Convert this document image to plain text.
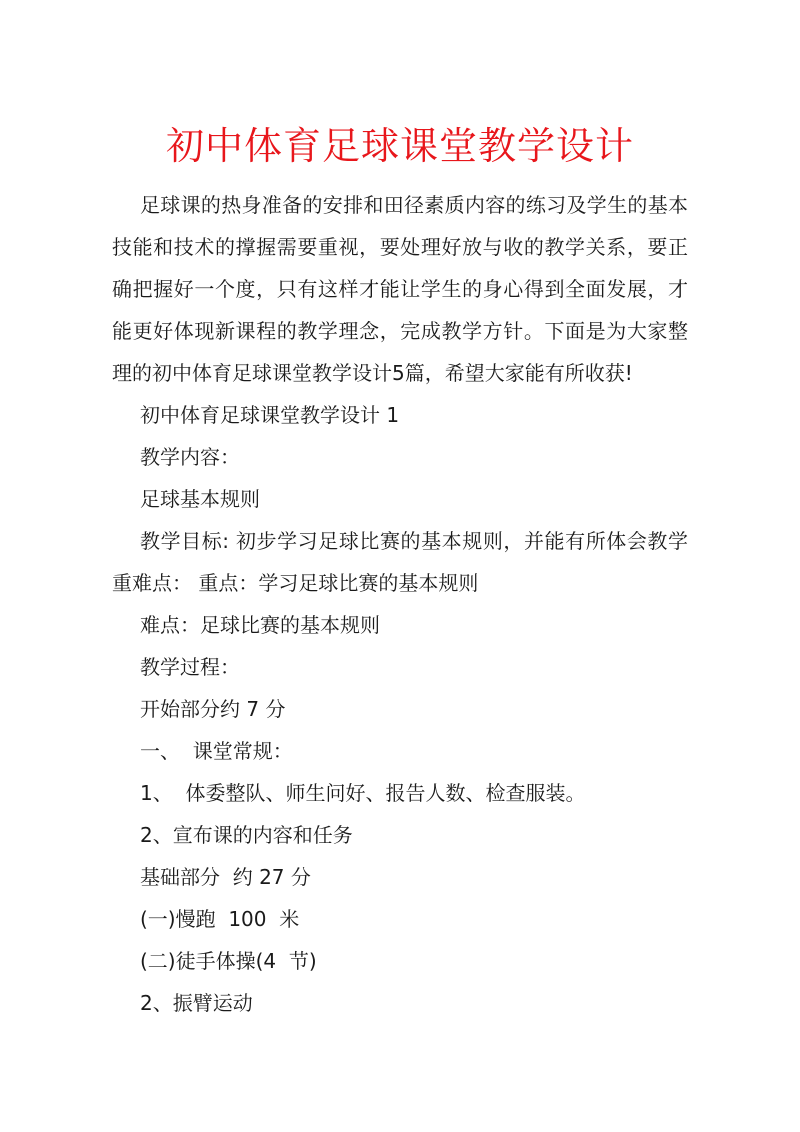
初中体育足球课堂教学设计

足球课的热身准备的安排和田径素质内容的练习及学生的基本技能和技术的撑握需要重视，要处理好放与收的教学关系，要正确把握好一个度，只有这样才能让学生的身心得到全面发展，才能更好体现新课程的教学理念，完成教学方针。下面是为大家整理的初中体育足球课堂教学设计5篇，希望大家能有所收获!

初中体育足球课堂教学设计 1

教学内容：

足球基本规则

教学目标: 初步学习足球比赛的基本规则，并能有所体会教学重难点： 重点：学习足球比赛的基本规则

难点：足球比赛的基本规则

教学过程：

开始部分约 7 分

一、  课堂常规：

1、  体委整队、师生问好、报告人数、检查服装。

2、宣布课的内容和任务

基础部分  约 27 分

(一)慢跑  100  米

(二)徒手体操(4  节)

2、振臂运动
